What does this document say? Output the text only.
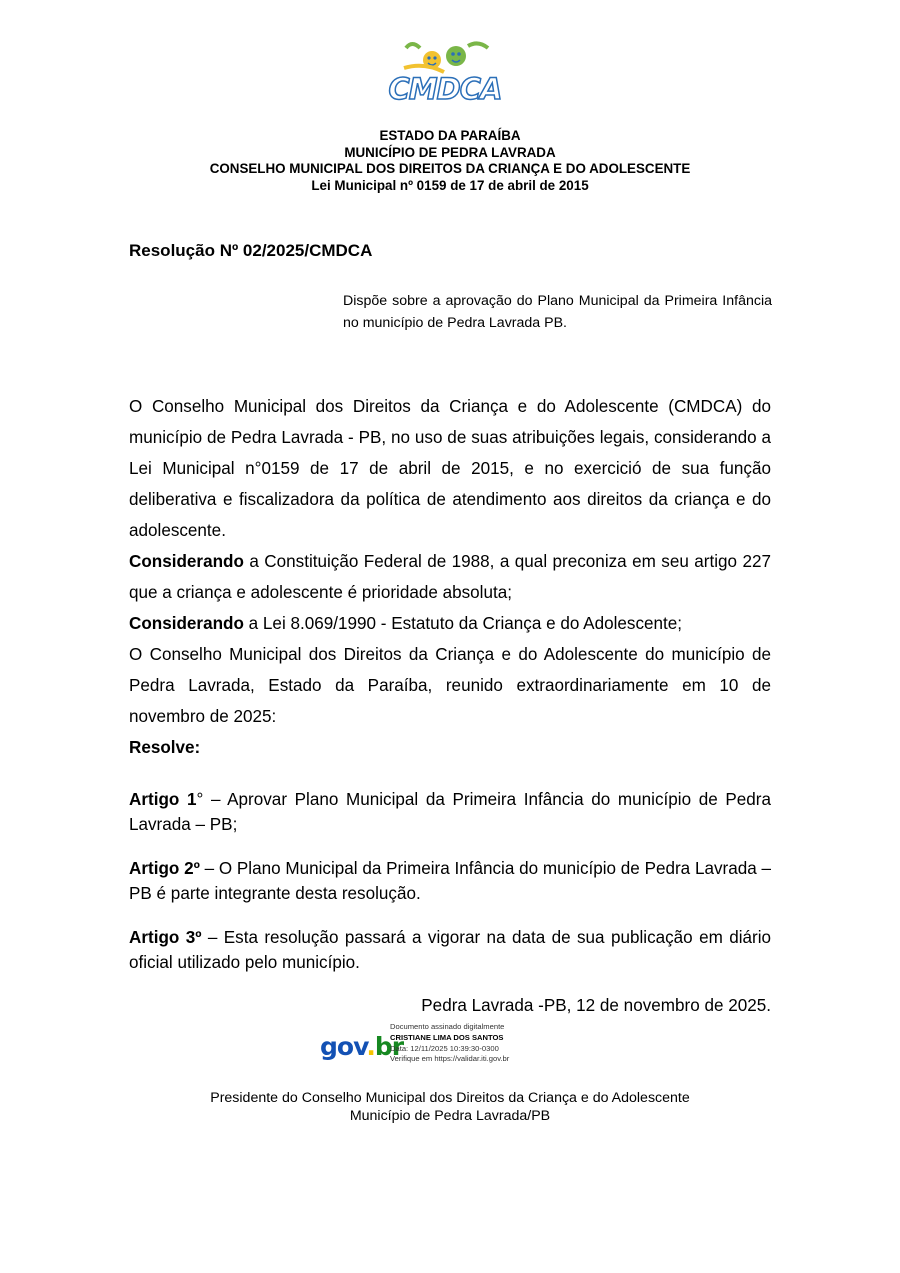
CMDCA
ESTADO DA PARAÍBA
MUNICÍPIO DE PEDRA LAVRADA
CONSELHO MUNICIPAL DOS DIREITOS DA CRIANÇA E DO ADOLESCENTE
Lei Municipal nº 0159 de 17 de abril de 2015
Resolução Nº 02/2025/CMDCA
Dispõe sobre a aprovação do Plano Municipal da Primeira Infância no município de Pedra Lavrada PB.

O Conselho Municipal dos Direitos da Criança e do Adolescente (CMDCA) do município de Pedra Lavrada - PB, no uso de suas atribuições legais, considerando a Lei Municipal n°0159 de 17 de abril de 2015, e no exercició de sua função deliberativa e fiscalizadora da política de atendimento aos direitos da criança e do adolescente.

Considerando a Constituição Federal de 1988, a qual preconiza em seu artigo 227 que a criança e adolescente é prioridade absoluta;

Considerando a Lei 8.069/1990 - Estatuto da Criança e do Adolescente;

O Conselho Municipal dos Direitos da Criança e do Adolescente do município de Pedra Lavrada, Estado da Paraíba, reunido extraordinariamente em 10 de novembro de 2025:

Resolve:

Artigo 1° – Aprovar Plano Municipal da Primeira Infância do município de Pedra Lavrada – PB;

Artigo 2º – O Plano Municipal da Primeira Infância do município de Pedra Lavrada – PB é parte integrante desta resolução.

Artigo 3º – Esta resolução passará a vigorar na data de sua publicação em diário oficial utilizado pelo município.

Pedra Lavrada -PB, 12 de novembro de 2025.
gov.br
Documento assinado digitalmente
CRISTIANE LIMA DOS SANTOS
Data: 12/11/2025 10:39:30-0300
Verifique em https://validar.iti.gov.br
Presidente do Conselho Municipal dos Direitos da Criança e do Adolescente
Município de Pedra Lavrada/PB
